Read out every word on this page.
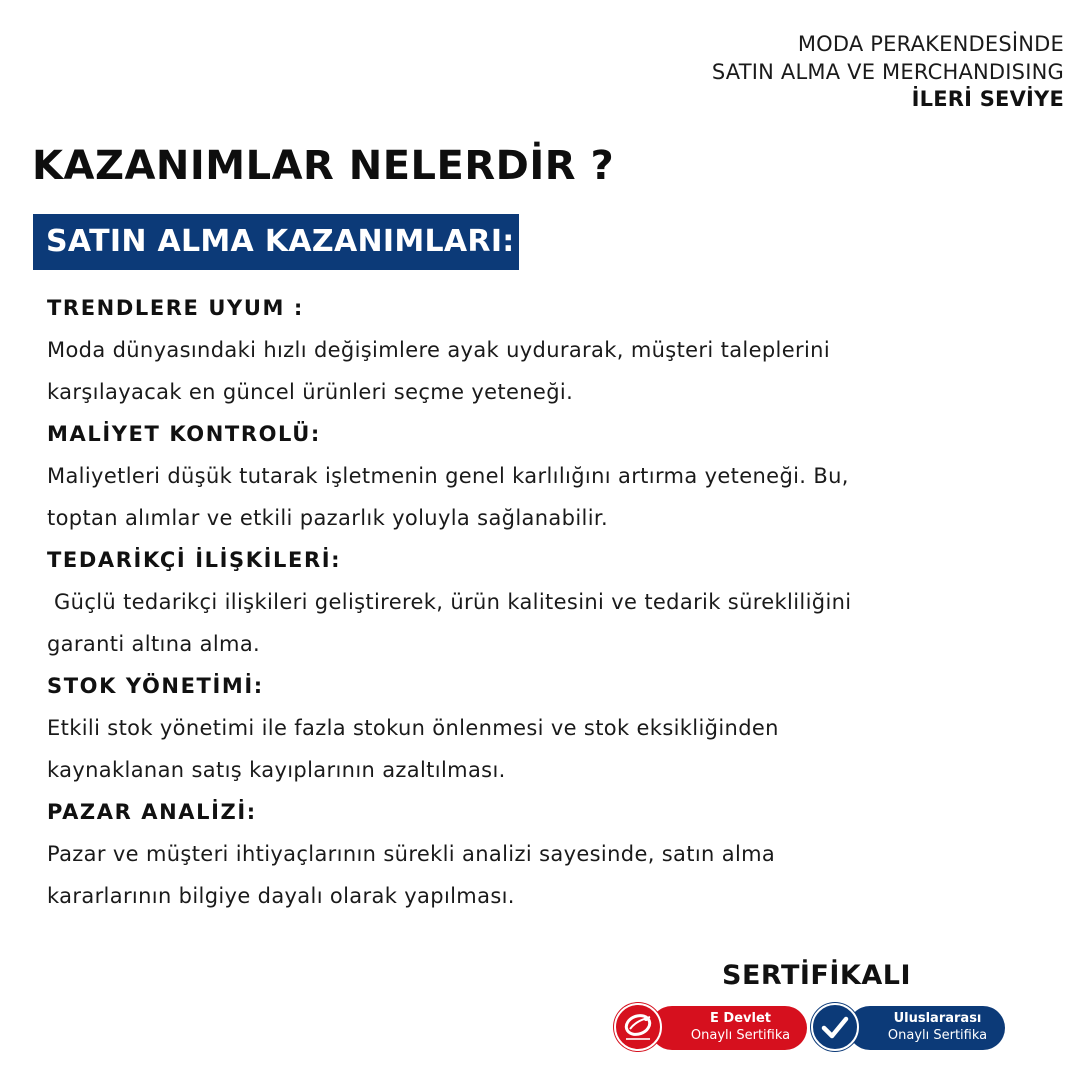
MODA PERAKENDESİNDE
SATIN ALMA VE MERCHANDISING
İLERİ SEVİYE
KAZANIMLAR NELERDİR ?
SATIN ALMA KAZANIMLARI:
TRENDLERE UYUM :
Moda dünyasındaki hızlı değişimlere ayak uydurarak, müşteri taleplerini
karşılayacak en güncel ürünleri seçme yeteneği.
MALİYET KONTROLÜ:
Maliyetleri düşük tutarak işletmenin genel karlılığını artırma yeteneği. Bu,
toptan alımlar ve etkili pazarlık yoluyla sağlanabilir.
TEDARİKÇİ İLİŞKİLERİ:
Güçlü tedarikçi ilişkileri geliştirerek, ürün kalitesini ve tedarik sürekliliğini
garanti altına alma.
STOK YÖNETİMİ:
Etkili stok yönetimi ile fazla stokun önlenmesi ve stok eksikliğinden
kaynaklanan satış kayıplarının azaltılması.
PAZAR ANALİZİ:
Pazar ve müşteri ihtiyaçlarının sürekli analizi sayesinde, satın alma
kararlarının bilgiye dayalı olarak yapılması.
SERTİFİKALI
E Devlet
Onaylı Sertifika
Uluslararası
Onaylı Sertifika
